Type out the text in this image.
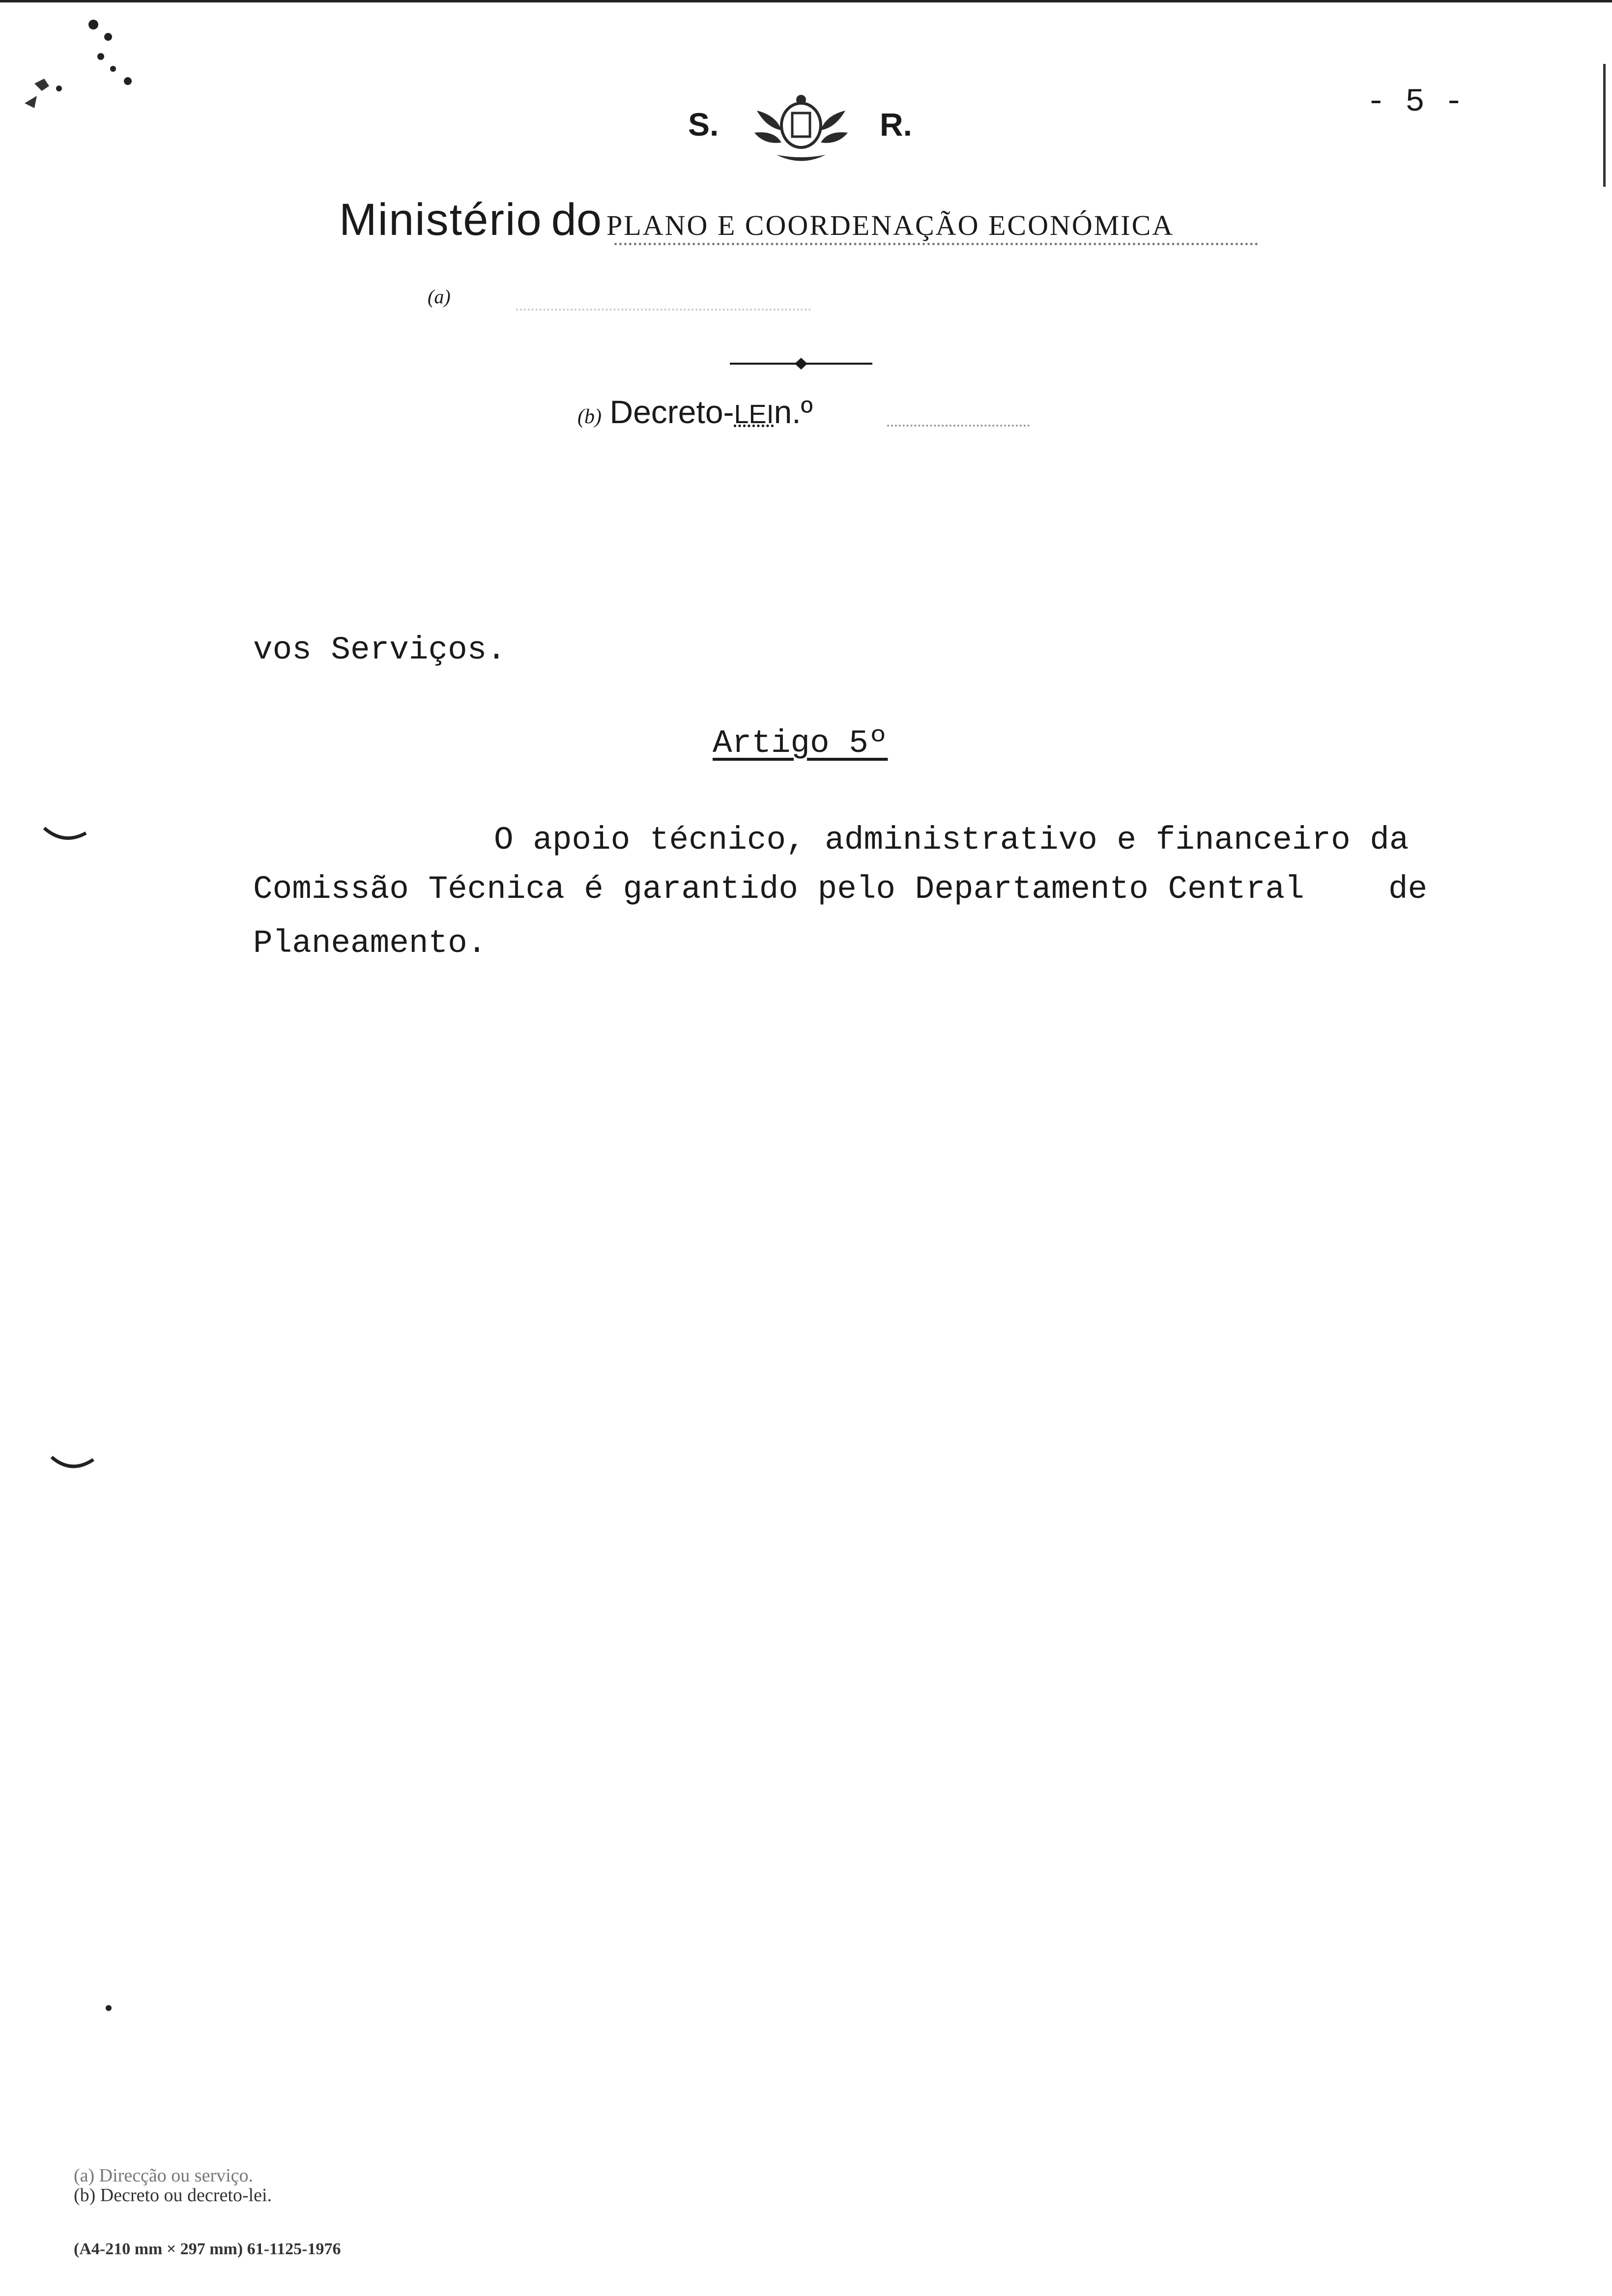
S.	R.
- 5 -
Ministério do PLANO E COORDENAÇÃO ECONÓMICA
(a)
(b) Decreto-LEIn.º
vos Serviços.
Artigo 5º
O apoio técnico, administrativo e financeiro da
Comissão Técnica é garantido pelo Departamento Central	de
Planeamento.
(a) Direcção ou serviço.
(b) Decreto ou decreto-lei.
(A4-210 mm × 297 mm) 61-1125-1976
